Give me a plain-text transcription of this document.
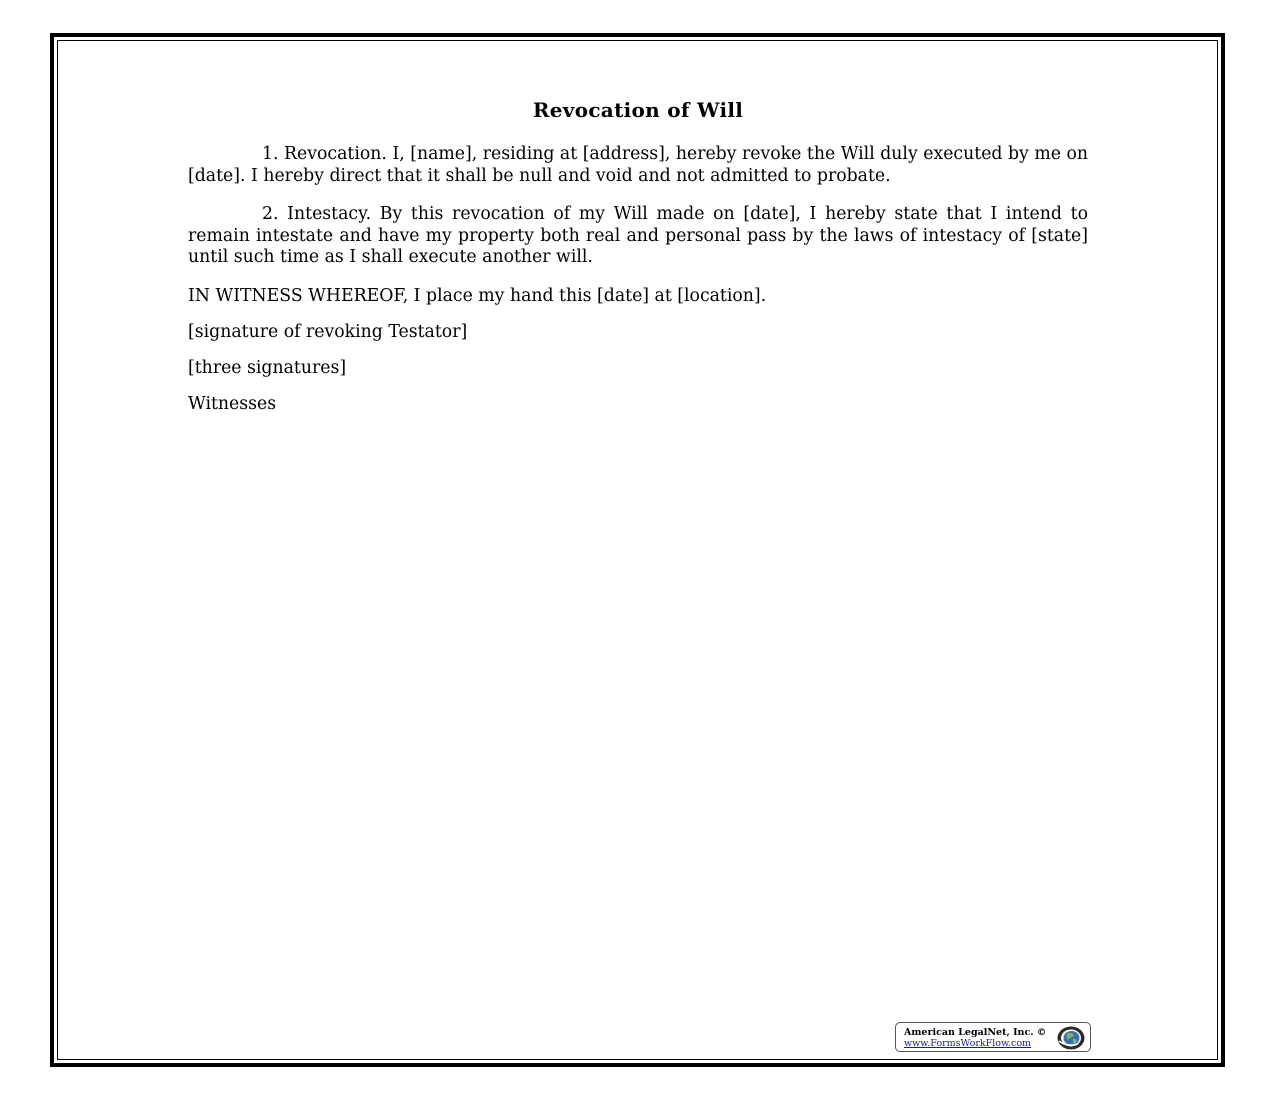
Revocation of Will

1. Revocation. I, [name], residing at [address], hereby revoke the Will duly executed by me on [date]. I hereby direct that it shall be null and void and not admitted to probate.

2. Intestacy. By this revocation of my Will made on [date], I hereby state that I intend to remain intestate and have my property both real and personal pass by the laws of intestacy of [state] until such time as I shall execute another will.

IN WITNESS WHEREOF, I place my hand this [date] at [location].

[signature of revoking Testator]

[three signatures]

Witnesses

American LegalNet, Inc. ©
www.FormsWorkFlow.com
